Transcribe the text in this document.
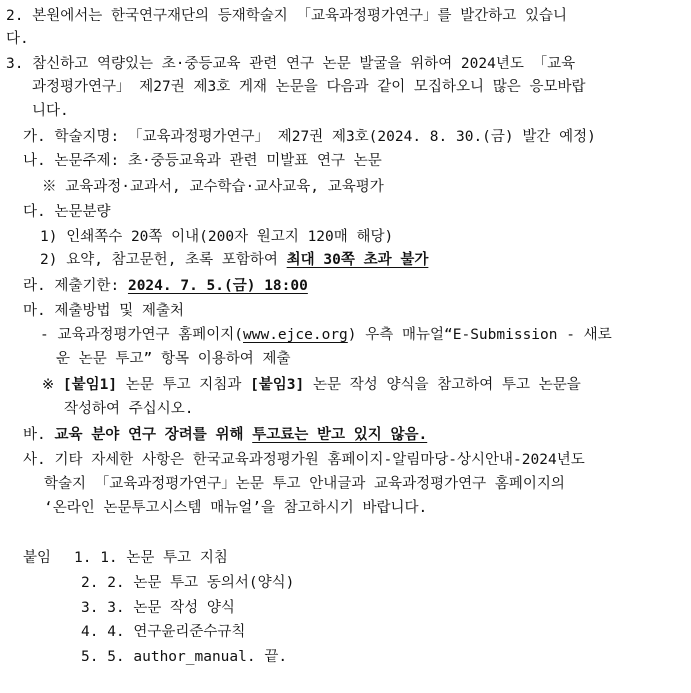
2. 본원에서는 한국연구재단의 등재학술지 「교육과정평가연구」를 발간하고 있습니
다.
3. 참신하고 역량있는 초·중등교육 관련 연구 논문 발굴을 위하여 2024년도 「교육
과정평가연구」 제27권 제3호 게재 논문을 다음과 같이 모집하오니 많은 응모바랍
니다.
가. 학술지명: 「교육과정평가연구」 제27권 제3호(2024. 8. 30.(금) 발간 예정)
나. 논문주제: 초·중등교육과 관련 미발표 연구 논문
※ 교육과정·교과서, 교수학습·교사교육, 교육평가
다. 논문분량
1) 인쇄쪽수 20쪽 이내(200자 원고지 120매 해당)
2) 요약, 참고문헌, 초록 포함하여 최대 30쪽 초과 불가
라. 제출기한: 2024. 7. 5.(금) 18:00
마. 제출방법 및 제출처
- 교육과정평가연구 홈페이지(www.ejce.org) 우측 매뉴얼“E-Submission - 새로
운 논문 투고” 항목 이용하여 제출
※ [붙임1] 논문 투고 지침과 [붙임3] 논문 작성 양식을 참고하여 투고 논문을
작성하여 주십시오.
바. 교육 분야 연구 장려를 위해 투고료는 받고 있지 않음.
사. 기타 자세한 사항은 한국교육과정평가원 홈페이지-알림마당-상시안내-2024년도
학술지 「교육과정평가연구」논문 투고 안내글과 교육과정평가연구 홈페이지의
‘온라인 논문투고시스템 매뉴얼’을 참고하시기 바랍니다.
붙임 1. 1. 논문 투고 지침
2. 2. 논문 투고 동의서(양식)
3. 3. 논문 작성 양식
4. 4. 연구윤리준수규칙
5. 5. author_manual. 끝.
